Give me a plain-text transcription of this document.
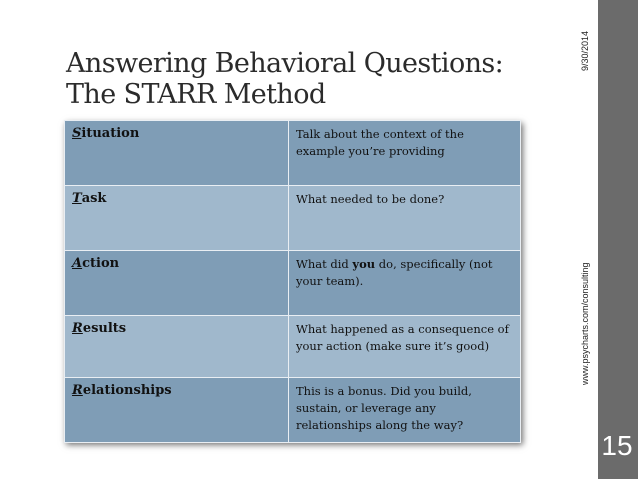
Answering Behavioral Questions:
The STARR Method
Situation	Talk about the context of the example you’re providing
Task	What needed to be done?
Action	What did you do, specifically (not your team).
Results	What happened as a consequence of your action (make sure it’s good)
Relationships	This is a bonus. Did you build, sustain, or leverage any relationships along the way?
9/30/2014
www.psycharts.com/consulting
15
